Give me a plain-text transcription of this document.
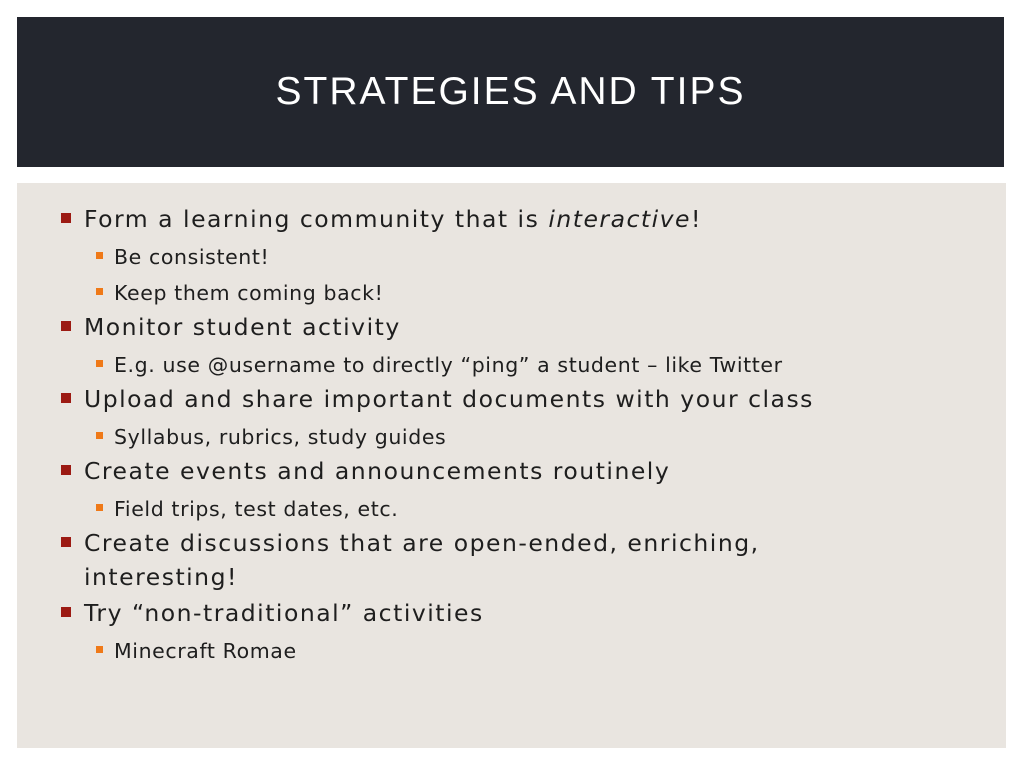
STRATEGIES AND TIPS
Form a learning community that is interactive!
Be consistent!
Keep them coming back!
Monitor student activity
E.g. use @username to directly “ping” a student – like Twitter
Upload and share important documents with your class
Syllabus, rubrics, study guides
Create events and announcements routinely
Field trips, test dates, etc.
Create discussions that are open-ended, enriching, interesting!
Try “non-traditional” activities
Minecraft Romae
